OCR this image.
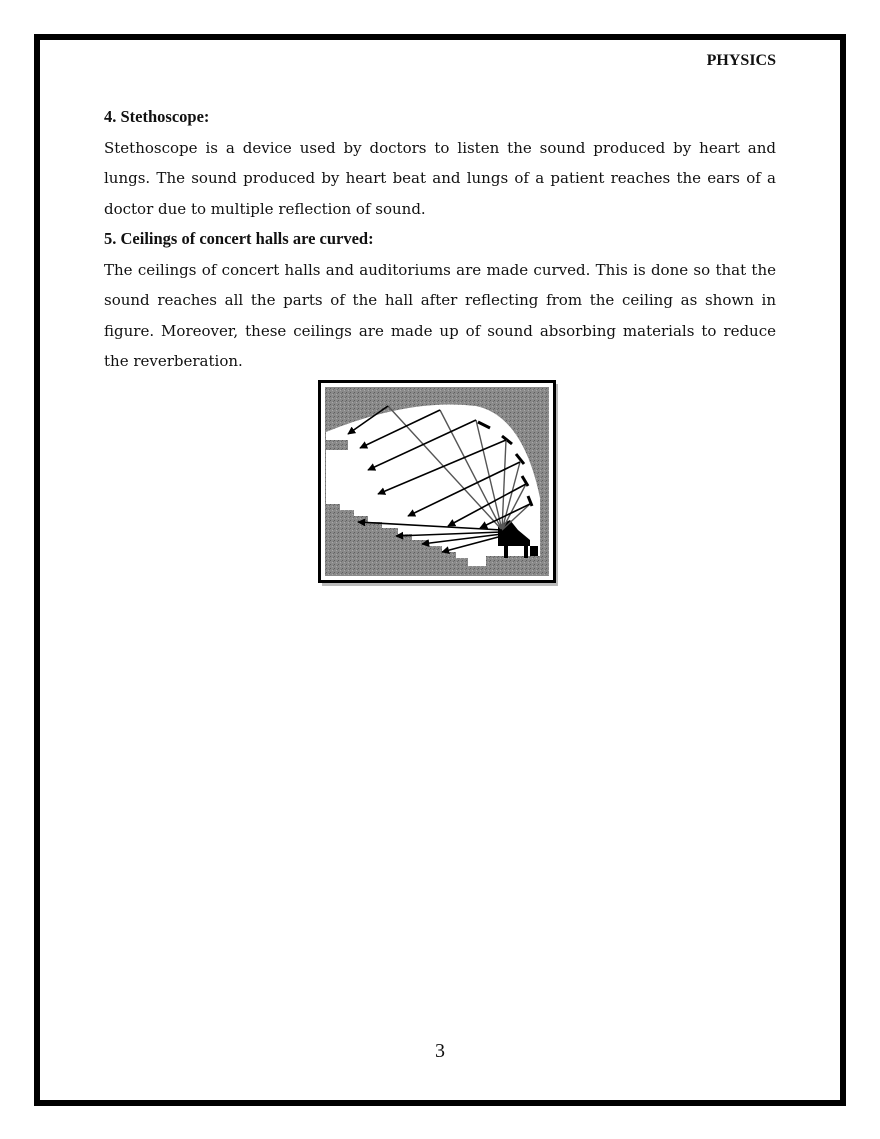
PHYSICS

4. Stethoscope:

Stethoscope is a device used by doctors to listen the sound produced by heart and lungs. The sound produced by heart beat and lungs of a patient reaches the ears of a doctor due to multiple reflection of sound.

5. Ceilings of concert halls are curved:

The ceilings of concert halls and auditoriums are made curved. This is done so that the sound reaches all the parts of the hall after reflecting from the ceiling as shown in figure. Moreover, these ceilings are made up of sound absorbing materials to reduce the reverberation.

3
